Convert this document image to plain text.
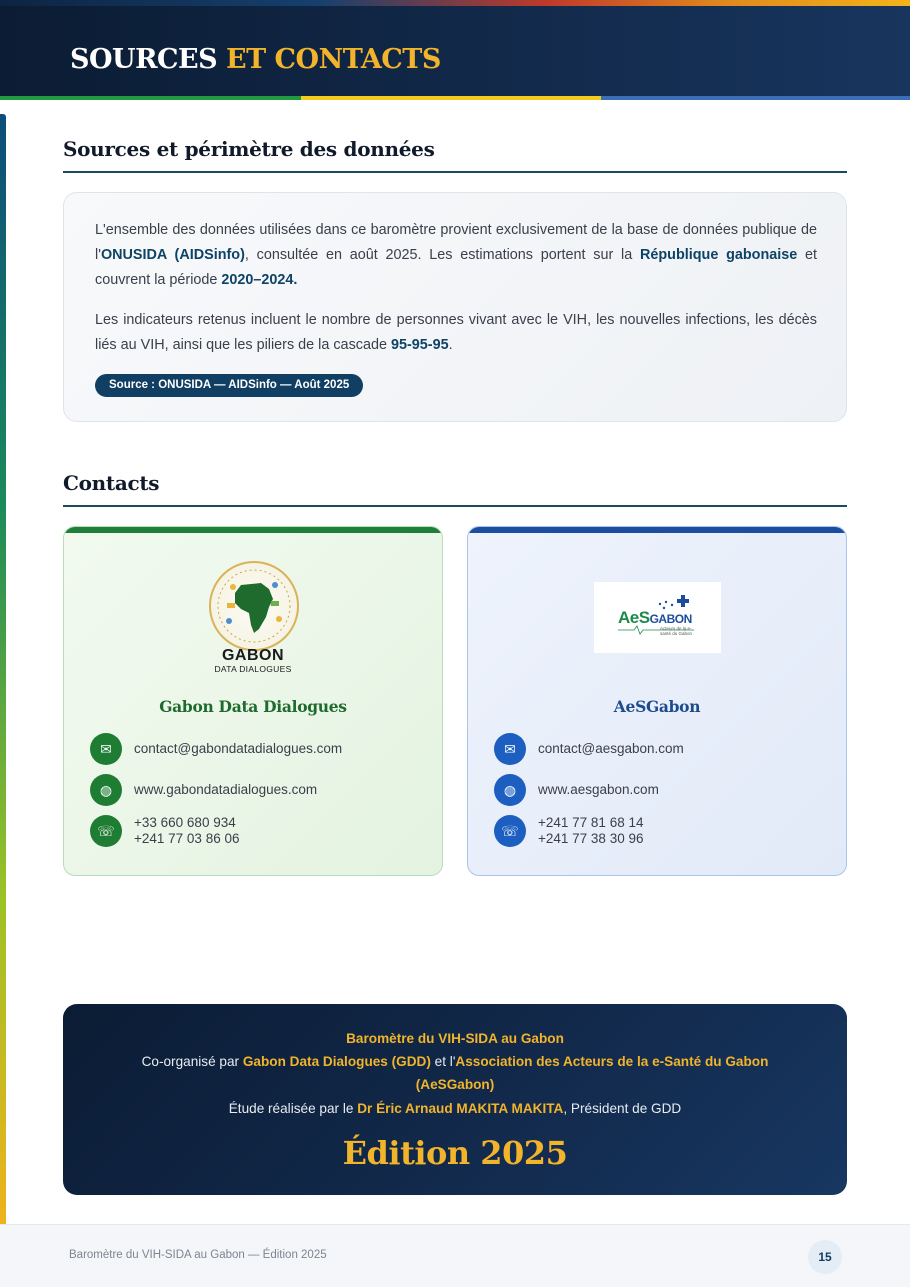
SOURCES ET CONTACTS
Sources et périmètre des données

L'ensemble des données utilisées dans ce baromètre provient exclusivement de la base de données publique de l'ONUSIDA (AIDSinfo), consultée en août 2025. Les estimations portent sur la République gabonaise et couvrent la période 2020–2024.

Les indicateurs retenus incluent le nombre de personnes vivant avec le VIH, les nouvelles infections, les décès liés au VIH, ainsi que les piliers de la cascade 95-95-95.

Source : ONUSIDA — AIDSinfo — Août 2025
Contacts
GABON
DATA DIALOGUES
Gabon Data Dialogues
✉	contact@gabondatadialogues.com
◍	www.gabondatadialogues.com
☏	+33 660 680 934
+241 77 03 86 06
AeSGABON
Acteurs de la e-santé du Gabon
AeSGabon
✉	contact@aesgabon.com
◍	www.aesgabon.com
☏	+241 77 81 68 14
+241 77 38 30 96
Baromètre du VIH-SIDA au Gabon
Co-organisé par Gabon Data Dialogues (GDD) et l'Association des Acteurs de la e-Santé du Gabon
(AeSGabon)
Étude réalisée par le Dr Éric Arnaud MAKITA MAKITA, Président de GDD
Édition 2025
Baromètre du VIH-SIDA au Gabon — Édition 2025	15
